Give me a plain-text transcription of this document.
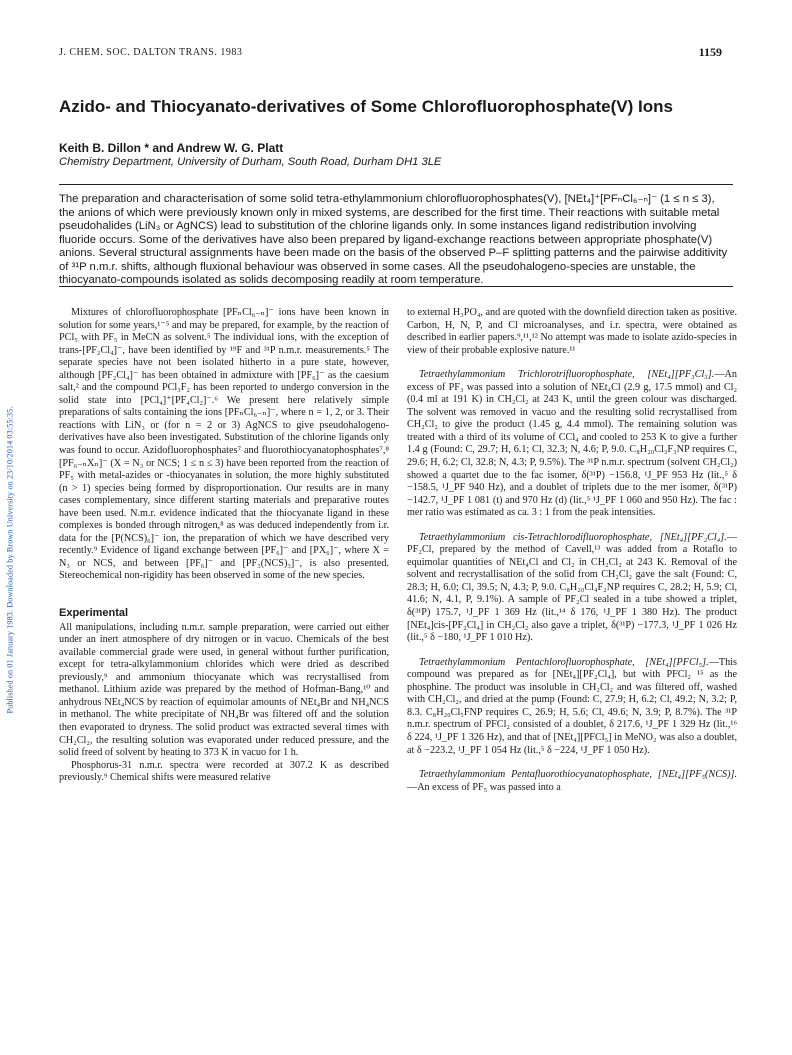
Published on 01 January 1983. Downloaded by Brown University on 23/10/2014 03:55:35.
J. CHEM. SOC. DALTON TRANS. 1983	1159
Azido- and Thiocyanato-derivatives of Some Chlorofluorophosphate(V) Ions
Keith B. Dillon * and Andrew W. G. Platt
Chemistry Department, University of Durham, South Road, Durham DH1 3LE

The preparation and characterisation of some solid tetra-ethylammonium chlorofluorophosphates(V), [NEt₄]⁺[PFₙCl₆₋ₙ]⁻ (1 ≤ n ≤ 3), the anions of which were previously known only in mixed systems, are described for the first time. Their reactions with suitable metal pseudohalides (LiN₃ or AgNCS) lead to substitution of the chlorine ligands only. In some instances ligand redistribution involving fluoride occurs. Some of the derivatives have also been prepared by ligand-exchange reactions between appropriate phosphate(V) anions. Several structural assignments have been made on the basis of the observed P–F splitting patterns and the pairwise additivity of ³¹P n.m.r. shifts, although fluxional behaviour was observed in some cases. All the pseudohalogeno-species are unstable, the thiocyanato-compounds isolated as solids decomposing readily at room temperature.

Mixtures of chlorofluorophosphate [PFₙCl₆₋ₙ]⁻ ions have been known in solution for some years,¹⁻⁵ and may be prepared, for example, by the reaction of PCl₅ with PF₅ in MeCN as solvent.⁵ The individual ions, with the exception of trans-[PF₂Cl₄]⁻, have been identified by ¹⁹F and ³¹P n.m.r. measurements.⁵ The separate species have not been isolated hitherto in a pure state, however, although [PF₂Cl₄]⁻ has been obtained in admixture with [PF₆]⁻ as the caesium salt,² and the compound PCl₃F₂ has been reported to undergo conversion in the solid state into [PCl₄]⁺[PF₄Cl₂]⁻.⁶ We present here relatively simple preparations of salts containing the ions [PFₙCl₆₋ₙ]⁻, where n = 1, 2, or 3. Their reactions with LiN₃ or (for n = 2 or 3) AgNCS to give pseudohalogeno-derivatives have also been investigated. Substitution of the chlorine ligands only was found to occur. Azidofluorophosphates⁷ and fluorothiocyanatophosphates⁷,⁸ [PF₆₋ₙXₙ]⁻ (X = N₃ or NCS; 1 ≤ n ≤ 3) have been reported from the reaction of PF₅ with metal-azides or -thiocyanates in solution, the more highly substituted (n > 1) species being formed by disproportionation. Our results are in many cases complementary, since different starting materials and preparative routes have been used. N.m.r. evidence indicated that the thiocyanate ligand in these complexes is bonded through nitrogen,⁸ as was deduced independently from i.r. data for the [P(NCS)₆]⁻ ion, the preparation of which we have described very recently.⁹ Evidence of ligand exchange between [PF₆]⁻ and [PX₆]⁻, where X = N₃ or NCS, and between [PF₆]⁻ and [PF₃(NCS)₃]⁻, is also presented. Stereochemical non-rigidity has been observed in some of the new species.

Experimental

All manipulations, including n.m.r. sample preparation, were carried out either under an inert atmosphere of dry nitrogen or in vacuo. Chemicals of the best available commercial grade were used, in general without further purification, except for tetra-alkylammonium chlorides which were dried as described previously,⁹ and ammonium thiocyanate which was recrystallised from methanol. Lithium azide was prepared by the method of Hofman-Bang,¹⁰ and anhydrous NEt₄NCS by reaction of equimolar amounts of NEt₄Br and NH₄NCS in methanol. The white precipitate of NH₄Br was filtered off and the solution then evaporated to dryness. The solid product was extracted several times with CH₂Cl₂, the resulting solution was evaporated under reduced pressure, and the solid freed of solvent by heating to 373 K in vacuo for 1 h.

Phosphorus-31 n.m.r. spectra were recorded at 307.2 K as described previously.⁹ Chemical shifts were measured relative

to external H₃PO₄, and are quoted with the downfield direction taken as positive. Carbon, H, N, P, and Cl microanalyses, and i.r. spectra, were obtained as described in earlier papers.⁹,¹¹,¹² No attempt was made to isolate azido-species in view of their probable explosive nature.¹¹

Tetraethylammonium Trichlorotrifluorophosphate, [NEt₄][PF₃Cl₃].—An excess of PF₃ was passed into a solution of NEt₄Cl (2.9 g, 17.5 mmol) and Cl₂ (0.4 ml at 191 K) in CH₂Cl₂ at 243 K, until the green colour was discharged. The solvent was removed in vacuo and the resulting solid recrystallised from CH₂Cl₂ to give the product (1.45 g, 4.4 mmol). The remaining solution was treated with a third of its volume of CCl₄ and cooled to 253 K to give a further 1.4 g (Found: C, 29.7; H, 6.1; Cl, 32.3; N, 4.6; P, 9.0. C₈H₂₀Cl₃F₃NP requires C, 29.6; H, 6.2; Cl, 32.8; N, 4.3; P, 9.5%). The ³¹P n.m.r. spectrum (solvent CH₂Cl₂) showed a quartet due to the fac isomer, δ(³¹P) −156.8, ¹J_PF 953 Hz (lit.,⁵ δ −158.5, ¹J_PF 940 Hz), and a doublet of triplets due to the mer isomer, δ(³¹P) −142.7, ¹J_PF 1 081 (t) and 970 Hz (d) (lit.,⁵ ¹J_PF 1 060 and 950 Hz). The fac : mer ratio was estimated as ca. 3 : 1 from the peak intensities.

Tetraethylammonium cis-Tetrachlorodifluorophosphate, [NEt₄][PF₂Cl₄].—PF₂Cl, prepared by the method of Cavell,¹³ was added from a Rotaflo to equimolar quantities of NEt₄Cl and Cl₂ in CH₂Cl₂ at 243 K. Removal of the solvent and recrystallisation of the solid from CH₂Cl₂ gave the salt (Found: C, 28.3; H, 6.0; Cl, 39.5; N, 4.3; P, 9.0. C₈H₂₀Cl₄F₂NP requires C, 28.2; H, 5.9; Cl, 41.6; N, 4.1, P, 9.1%). A sample of PF₂Cl sealed in a tube showed a triplet, δ(³¹P) 175.7, ¹J_PF 1 369 Hz (lit.,¹⁴ δ 176, ¹J_PF 1 380 Hz). The product [NEt₄]cis-[PF₂Cl₄] in CH₂Cl₂ also gave a triplet, δ(³¹P) −177.3, ¹J_PF 1 026 Hz (lit.,⁵ δ −180, ¹J_PF 1 010 Hz).

Tetraethylammonium Pentachlorofluorophosphate, [NEt₄][PFCl₅].—This compound was prepared as for [NEt₄][PF₂Cl₄], but with PFCl₂ ¹⁵ as the phosphine. The product was insoluble in CH₂Cl₂ and was filtered off, washed with CH₂Cl₂, and dried at the pump (Found: C, 27.9; H, 6.2; Cl, 49.2; N, 3.2; P, 8.3. C₈H₂₀Cl₅FNP requires C, 26.9; H, 5.6; Cl, 49.6; N, 3.9; P, 8.7%). The ³¹P n.m.r. spectrum of PFCl₂ consisted of a doublet, δ 217.6, ¹J_PF 1 329 Hz (lit.,¹⁶ δ 224, ¹J_PF 1 326 Hz), and that of [NEt₄][PFCl₅] in MeNO₂ was also a doublet, at δ −223.2, ¹J_PF 1 054 Hz (lit.,⁵ δ −224, ¹J_PF 1 050 Hz).

Tetraethylammonium Pentafluorothiocyanatophosphate, [NEt₄][PF₅(NCS)].—An excess of PF₅ was passed into a
